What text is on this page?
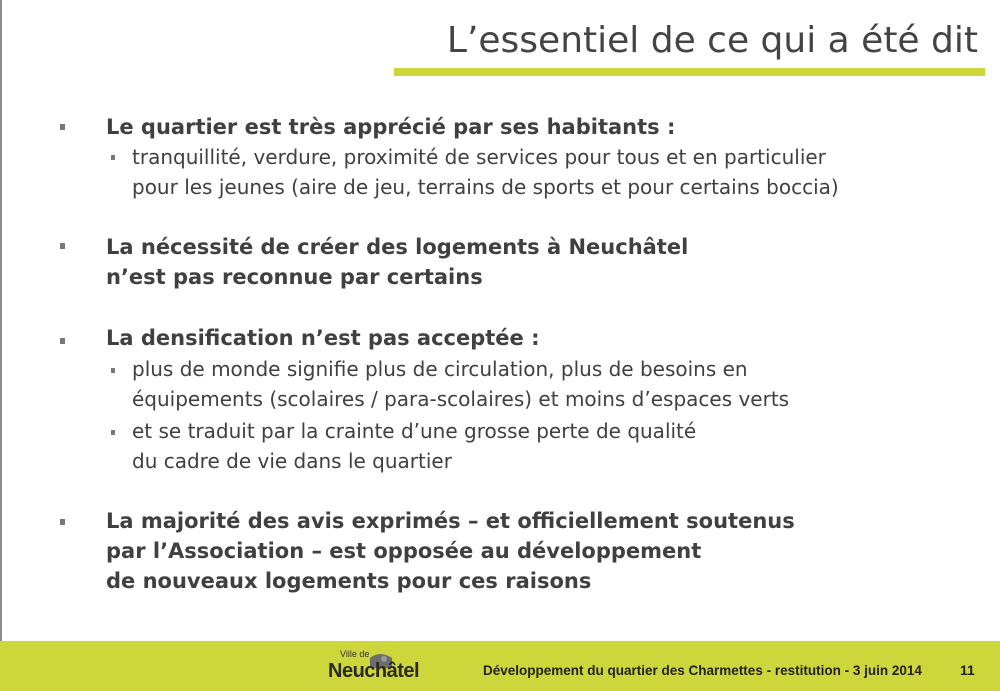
L’essentiel de ce qui a été dit
Le quartier est très apprécié par ses habitants :
tranquillité, verdure, proximité de services pour tous et en particulier
pour les jeunes (aire de jeu, terrains de sports et pour certains boccia)
La nécessité de créer des logements à Neuchâtel
n’est pas reconnue par certains
La densification n’est pas acceptée :
plus de monde signifie plus de circulation, plus de besoins en
équipements (scolaires / para-scolaires) et moins d’espaces verts
et se traduit par la crainte d’une grosse perte de qualité
du cadre de vie dans le quartier
La majorité des avis exprimés – et officiellement soutenus
par l’Association – est opposée au développement
de nouveaux logements pour ces raisons
Ville de
Neuchâtel	Développement du quartier des Charmettes - restitution - 3 juin 2014	11
